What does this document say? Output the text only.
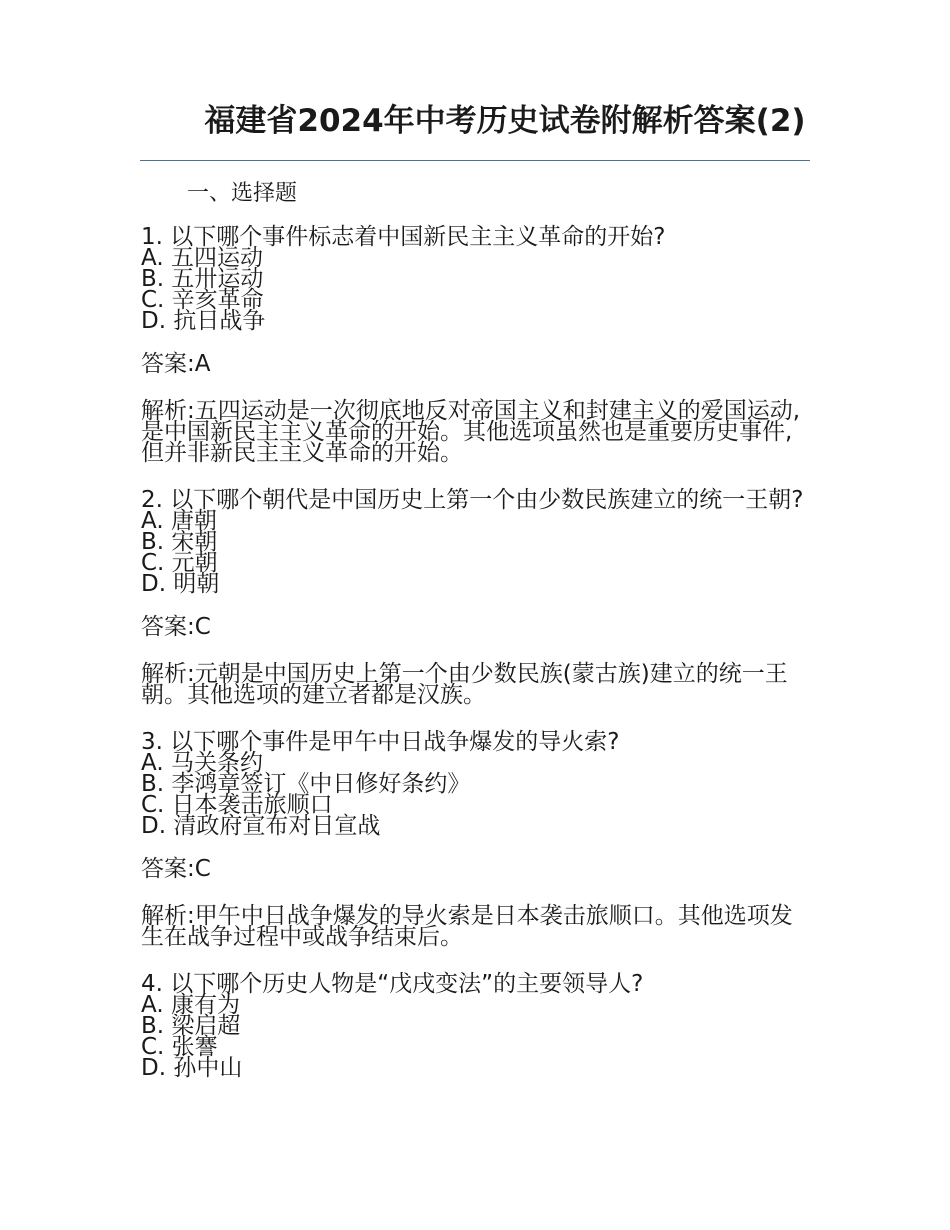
福建省2024年中考历史试卷附解析答案(2)
一、选择题
1. 以下哪个事件标志着中国新民主主义革命的开始?
A. 五四运动
B. 五卅运动
C. 辛亥革命
D. 抗日战争
答案:A
解析:五四运动是一次彻底地反对帝国主义和封建主义的爱国运动,是中国新民主主义革命的开始。其他选项虽然也是重要历史事件,但并非新民主主义革命的开始。
2. 以下哪个朝代是中国历史上第一个由少数民族建立的统一王朝?
A. 唐朝
B. 宋朝
C. 元朝
D. 明朝
答案:C
解析:元朝是中国历史上第一个由少数民族(蒙古族)建立的统一王朝。其他选项的建立者都是汉族。
3. 以下哪个事件是甲午中日战争爆发的导火索?
A. 马关条约
B. 李鸿章签订《中日修好条约》
C. 日本袭击旅顺口
D. 清政府宣布对日宣战
答案:C
解析:甲午中日战争爆发的导火索是日本袭击旅顺口。其他选项发生在战争过程中或战争结束后。
4. 以下哪个历史人物是“戊戌变法”的主要领导人?
A. 康有为
B. 梁启超
C. 张謇
D. 孙中山
